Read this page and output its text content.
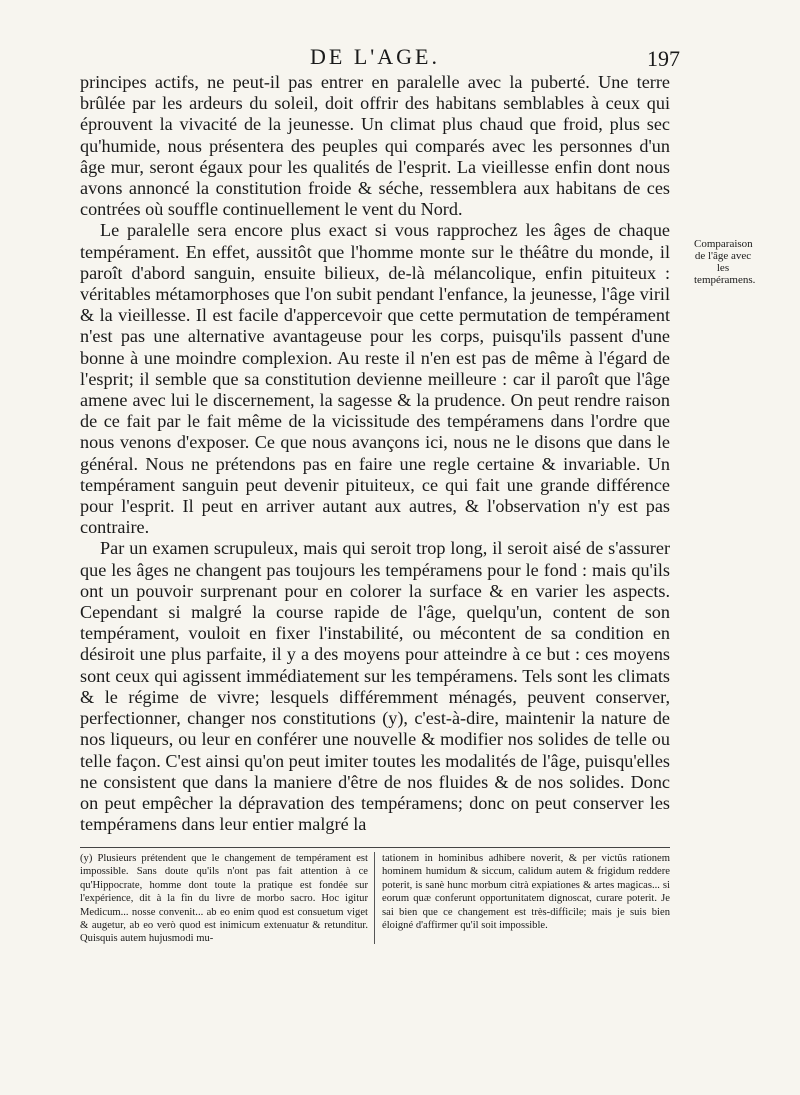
DE L'AGE.	197

principes actifs, ne peut-il pas entrer en paralelle avec la puberté. Une terre brûlée par les ardeurs du soleil, doit offrir des habitans semblables à ceux qui éprouvent la vivacité de la jeunesse. Un climat plus chaud que froid, plus sec qu'humide, nous présentera des peuples qui comparés avec les personnes d'un âge mur, seront égaux pour les qualités de l'esprit. La vieillesse enfin dont nous avons annoncé la constitution froide & séche, ressemblera aux habitans de ces contrées où souffle continuellement le vent du Nord.

Le paralelle sera encore plus exact si vous rapprochez les âges de chaque tempérament. En effet, aussitôt que l'homme monte sur le théâtre du monde, il paroît d'abord sanguin, ensuite bilieux, de-là mélancolique, enfin pituiteux : véritables métamorphoses que l'on subit pendant l'enfance, la jeunesse, l'âge viril & la vieillesse. Il est facile d'appercevoir que cette permutation de tempérament n'est pas une alternative avantageuse pour les corps, puisqu'ils passent d'une bonne à une moindre complexion. Au reste il n'en est pas de même à l'égard de l'esprit; il semble que sa constitution devienne meilleure : car il paroît que l'âge amene avec lui le discernement, la sagesse & la prudence. On peut rendre raison de ce fait par le fait même de la vicissitude des tempéramens dans l'ordre que nous venons d'exposer. Ce que nous avançons ici, nous ne le disons que dans le général. Nous ne prétendons pas en faire une regle certaine & invariable. Un tempérament sanguin peut devenir pituiteux, ce qui fait une grande différence pour l'esprit. Il peut en arriver autant aux autres, & l'observation n'y est pas contraire.

Par un examen scrupuleux, mais qui seroit trop long, il seroit aisé de s'assurer que les âges ne changent pas toujours les tempéramens pour le fond : mais qu'ils ont un pouvoir surprenant pour en colorer la surface & en varier les aspects. Cependant si malgré la course rapide de l'âge, quelqu'un, content de son tempérament, vouloit en fixer l'instabilité, ou mécontent de sa condition en désiroit une plus parfaite, il y a des moyens pour atteindre à ce but : ces moyens sont ceux qui agissent immédiatement sur les tempéramens. Tels sont les climats & le régime de vivre; lesquels différemment ménagés, peuvent conserver, perfectionner, changer nos constitutions (y), c'est-à-dire, maintenir la nature de nos liqueurs, ou leur en conférer une nouvelle & modifier nos solides de telle ou telle façon. C'est ainsi qu'on peut imiter toutes les modalités de l'âge, puisqu'elles ne consistent que dans la maniere d'être de nos fluides & de nos solides. Donc on peut empêcher la dépravation des tempéramens; donc on peut conserver les tempéramens dans leur entier malgré la

Comparaison de l'âge avec les tempéramens.

(y) Plusieurs prétendent que le changement de tempérament est impossible. Sans doute qu'ils n'ont pas fait attention à ce qu'Hippocrate, homme dont toute la pratique est fondée sur l'expérience, dit à la fin du livre de morbo sacro. Hoc igitur Medicum... nosse convenit... ab eo enim quod est consuetum viget & augetur, ab eo verò quod est inimicum extenuatur & retunditur. Quisquis autem hujusmodi mu-

tationem in hominibus adhibere noverit, & per victûs rationem hominem humidum & siccum, calidum autem & frigidum reddere poterit, is sanè hunc morbum citrà expiationes & artes magicas... si eorum quæ conferunt opportunitatem dignoscat, curare poterit. Je sai bien que ce changement est très-difficile; mais je suis bien éloigné d'affirmer qu'il soit impossible.
